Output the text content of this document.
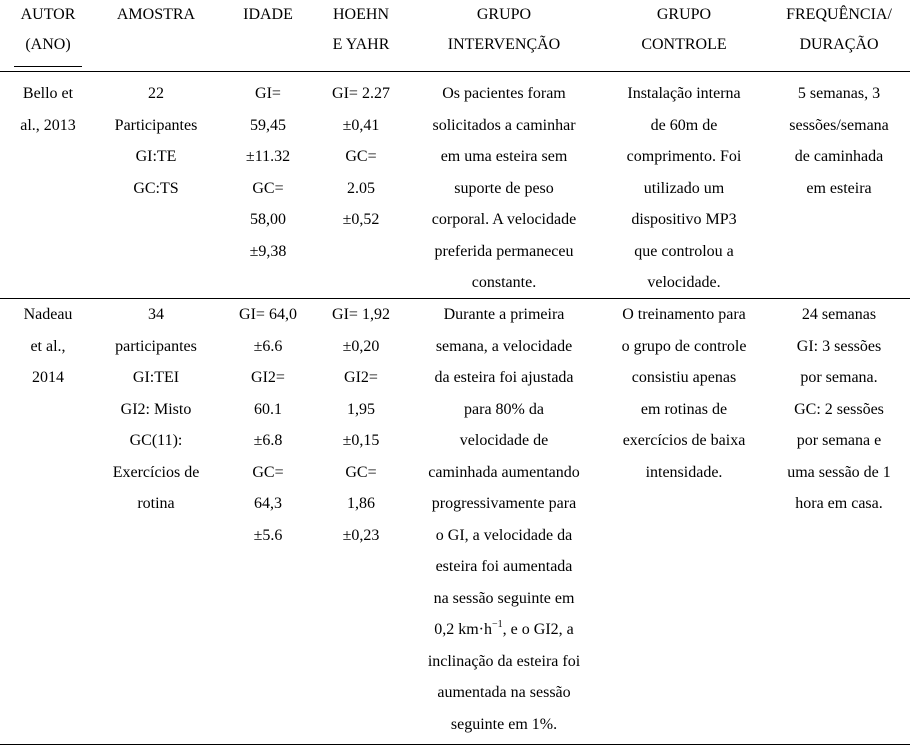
AUTOR
(ANO)
AMOSTRA	IDADE	HOEHN
E YAHR
GRUPO
INTERVENÇÃO
GRUPO
CONTROLE
FREQUÊNCIA/
DURAÇÃO
Bello et
al., 2013
22
Participantes
GI:TE
GC:TS
GI=
59,45
±11.32
GC=
58,00
±9,38
GI= 2.27
±0,41
GC=
2.05
±0,52
Os pacientes foram
solicitados a caminhar
em uma esteira sem
suporte de peso
corporal. A velocidade
preferida permaneceu
constante.
Instalação interna
de 60m de
comprimento. Foi
utilizado um
dispositivo MP3
que controlou a
velocidade.
5 semanas, 3
sessões/semana
de caminhada
em esteira
Nadeau
et al.,
2014
34
participantes
GI:TEI
GI2: Misto
GC(11):
Exercícios de
rotina
GI= 64,0
±6.6
GI2=
60.1
±6.8
GC=
64,3
±5.6
GI= 1,92
±0,20
GI2=
1,95
±0,15
GC=
1,86
±0,23
Durante a primeira
semana, a velocidade
da esteira foi ajustada
para 80% da
velocidade de
caminhada aumentando
progressivamente para
o GI, a velocidade da
esteira foi aumentada
na sessão seguinte em
0,2 $km\cdot h^{-1}$, e o GI2, a
inclinação da esteira foi
aumentada na sessão
seguinte em 1%.
O treinamento para
o grupo de controle
consistiu apenas
em rotinas de
exercícios de baixa
intensidade.
24 semanas
GI: 3 sessões
por semana.
GC: 2 sessões
por semana e
uma sessão de 1
hora em casa.
